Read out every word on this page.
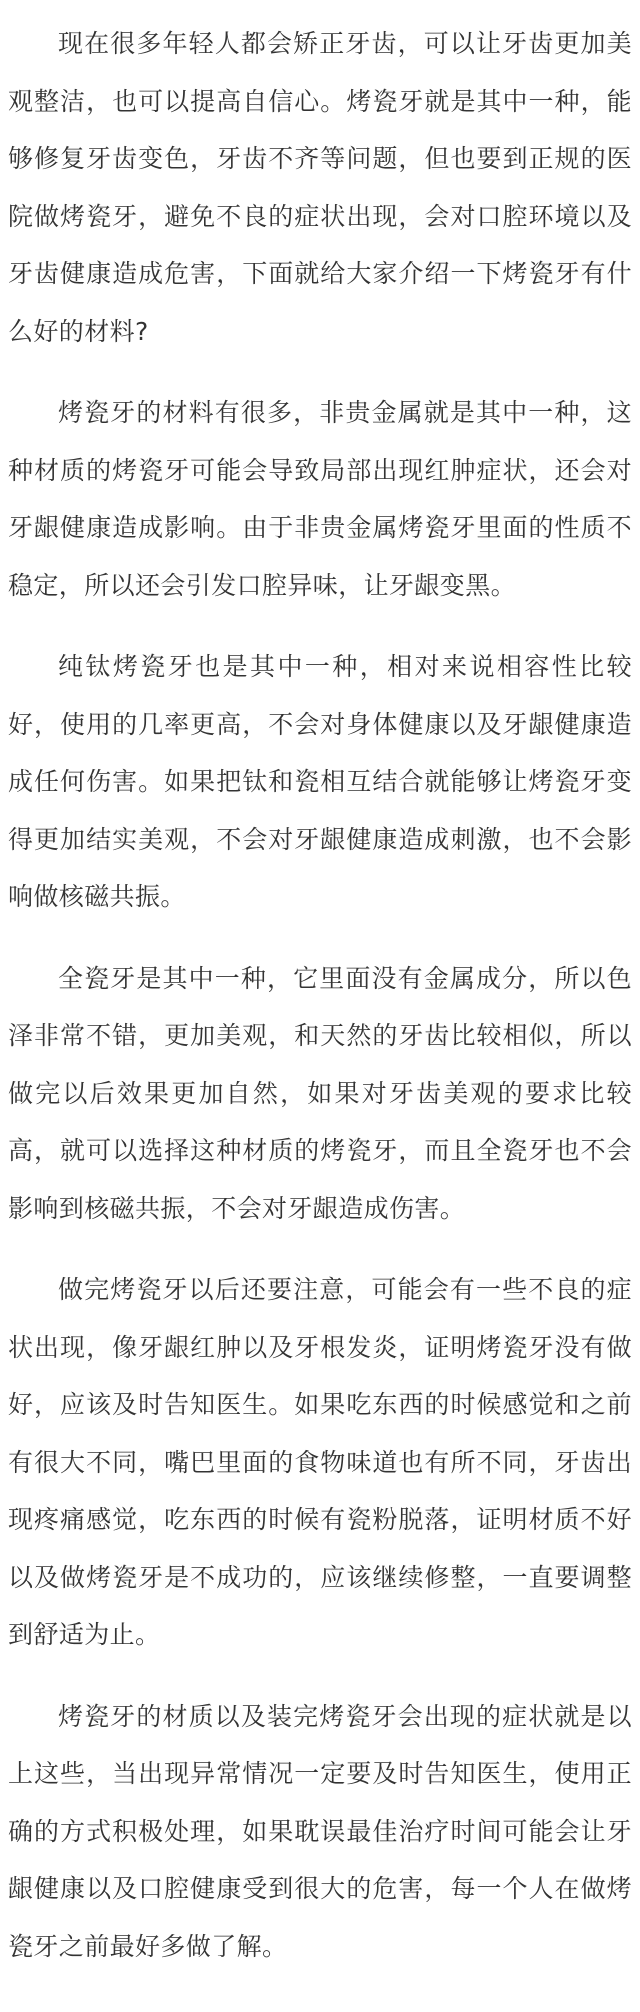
现在很多年轻人都会矫正牙齿，可以让牙齿更加美观整洁，也可以提高自信心。烤瓷牙就是其中一种，能够修复牙齿变色，牙齿不齐等问题，但也要到正规的医院做烤瓷牙，避免不良的症状出现，会对口腔环境以及牙齿健康造成危害，下面就给大家介绍一下烤瓷牙有什么好的材料?

烤瓷牙的材料有很多，非贵金属就是其中一种，这种材质的烤瓷牙可能会导致局部出现红肿症状，还会对牙龈健康造成影响。由于非贵金属烤瓷牙里面的性质不稳定，所以还会引发口腔异味，让牙龈变黑。

纯钛烤瓷牙也是其中一种，相对来说相容性比较好，使用的几率更高，不会对身体健康以及牙龈健康造成任何伤害。如果把钛和瓷相互结合就能够让烤瓷牙变得更加结实美观，不会对牙龈健康造成刺激，也不会影响做核磁共振。

全瓷牙是其中一种，它里面没有金属成分，所以色泽非常不错，更加美观，和天然的牙齿比较相似，所以做完以后效果更加自然，如果对牙齿美观的要求比较高，就可以选择这种材质的烤瓷牙，而且全瓷牙也不会影响到核磁共振，不会对牙龈造成伤害。

做完烤瓷牙以后还要注意，可能会有一些不良的症状出现，像牙龈红肿以及牙根发炎，证明烤瓷牙没有做好，应该及时告知医生。如果吃东西的时候感觉和之前有很大不同，嘴巴里面的食物味道也有所不同，牙齿出现疼痛感觉，吃东西的时候有瓷粉脱落，证明材质不好以及做烤瓷牙是不成功的，应该继续修整，一直要调整到舒适为止。

烤瓷牙的材质以及装完烤瓷牙会出现的症状就是以上这些，当出现异常情况一定要及时告知医生，使用正确的方式积极处理，如果耽误最佳治疗时间可能会让牙龈健康以及口腔健康受到很大的危害，每一个人在做烤瓷牙之前最好多做了解。
